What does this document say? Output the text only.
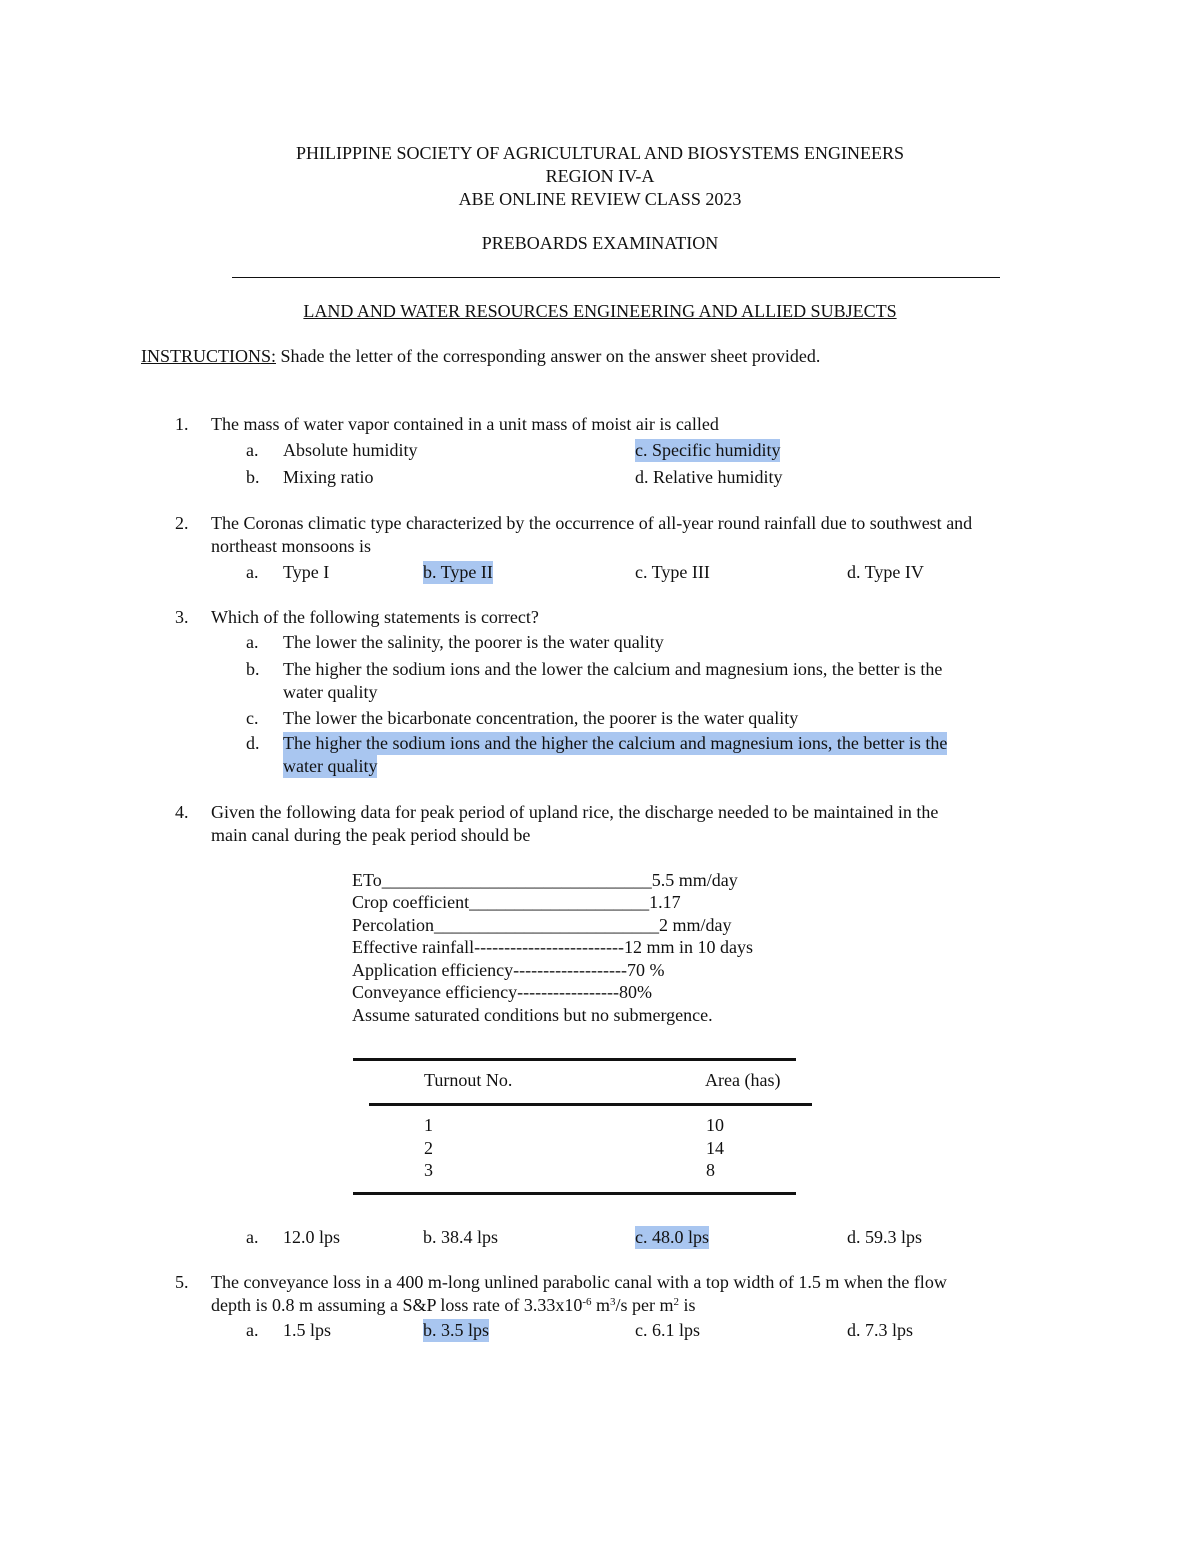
PHILIPPINE SOCIETY OF AGRICULTURAL AND BIOSYSTEMS ENGINEERS
REGION IV-A
ABE ONLINE REVIEW CLASS 2023
PREBOARDS EXAMINATION
LAND AND WATER RESOURCES ENGINEERING AND ALLIED SUBJECTS
INSTRUCTIONS: Shade the letter of the corresponding answer on the answer sheet provided.
1. The mass of water vapor contained in a unit mass of moist air is called
a. Absolute humidity	c. Specific humidity
b. Mixing ratio	d. Relative humidity
2. The Coronas climatic type characterized by the occurrence of all-year round rainfall due to southwest and
northeast monsoons is
a. Type I	b. Type II	c. Type III	d. Type IV
3. Which of the following statements is correct?
a. The lower the salinity, the poorer is the water quality
b. The higher the sodium ions and the lower the calcium and magnesium ions, the better is the
water quality
c. The lower the bicarbonate concentration, the poorer is the water quality
d. The higher the sodium ions and the higher the calcium and magnesium ions, the better is the
water quality
4. Given the following data for peak period of upland rice, the discharge needed to be maintained in the
main canal during the peak period should be
ETo______________________________5.5 mm/day
Crop coefficient____________________1.17
Percolation_________________________2 mm/day
Effective rainfall-------------------------12 mm in 10 days
Application efficiency-------------------70 %
Conveyance efficiency-----------------80%
Assume saturated conditions but no submergence.
Turnout No.	Area (has)
1	10
2	14
3	8
a. 12.0 lps	b. 38.4 lps	c. 48.0 lps	d. 59.3 lps
5. The conveyance loss in a 400 m-long unlined parabolic canal with a top width of 1.5 m when the flow
depth is 0.8 m assuming a S&P loss rate of $3.33x10^{-6}$ $m^3/s$ per $m^2$ is
a. 1.5 lps	b. 3.5 lps	c. 6.1 lps	d. 7.3 lps
